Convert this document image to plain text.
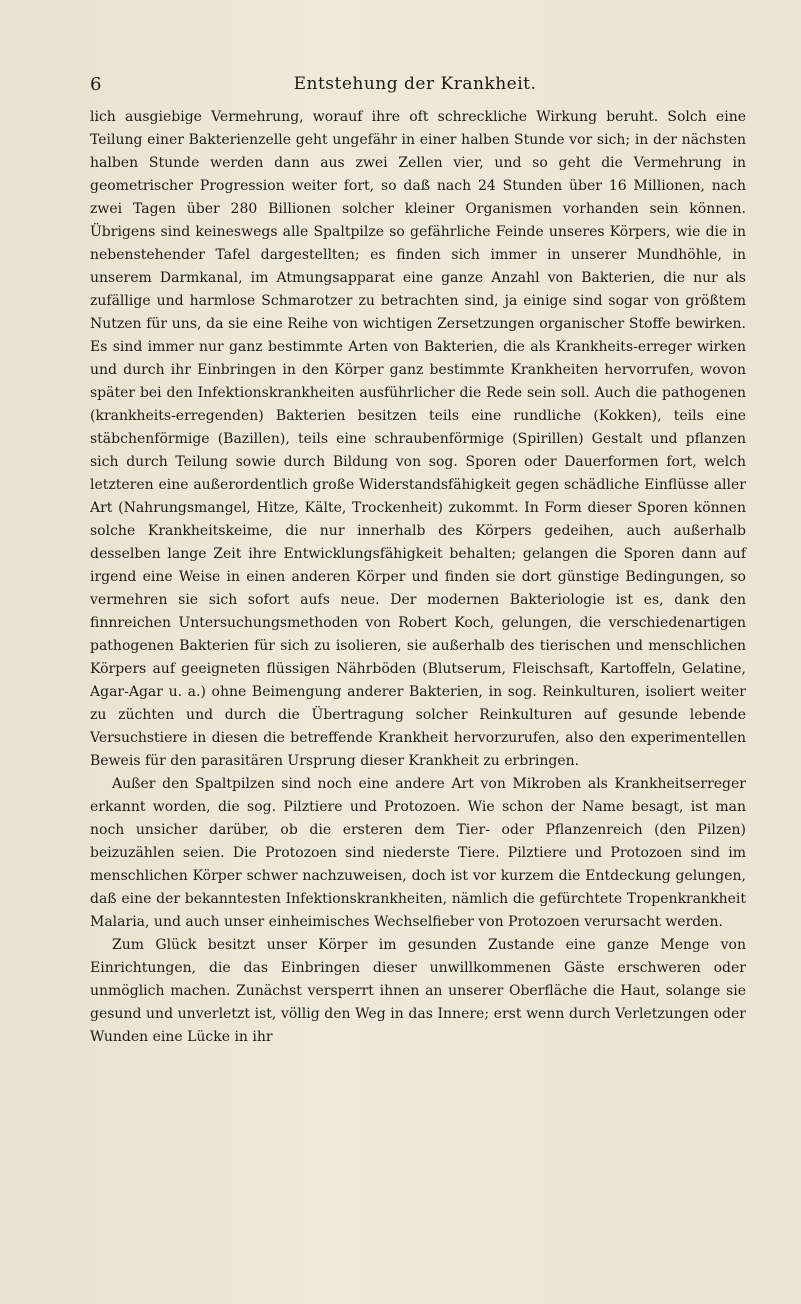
6	Entstehung der Krankheit.

lich ausgiebige Vermehrung, worauf ihre oft schreckliche Wirkung beruht. Solch eine Teilung einer Bakterienzelle geht ungefähr in einer halben Stunde vor sich; in der nächsten halben Stunde werden dann aus zwei Zellen vier, und so geht die Vermehrung in geometrischer Progression weiter fort, so daß nach 24 Stunden über 16 Millionen, nach zwei Tagen über 280 Billionen solcher kleiner Organismen vorhanden sein können. Übrigens sind keineswegs alle Spaltpilze so gefährliche Feinde unseres Körpers, wie die in nebenstehender Tafel dargestellten; es finden sich immer in unserer Mundhöhle, in unserem Darmkanal, im Atmungsapparat eine ganze Anzahl von Bakterien, die nur als zufällige und harmlose Schmarotzer zu betrachten sind, ja einige sind sogar von größtem Nutzen für uns, da sie eine Reihe von wichtigen Zersetzungen organischer Stoffe bewirken. Es sind immer nur ganz bestimmte Arten von Bakterien, die als Krankheits-erreger wirken und durch ihr Einbringen in den Körper ganz bestimmte Krankheiten hervorrufen, wovon später bei den Infektionskrankheiten ausführlicher die Rede sein soll. Auch die pathogenen (krankheits-erregenden) Bakterien besitzen teils eine rundliche (Kokken), teils eine stäbchenförmige (Bazillen), teils eine schraubenförmige (Spirillen) Gestalt und pflanzen sich durch Teilung sowie durch Bildung von sog. Sporen oder Dauerformen fort, welch letzteren eine außerordentlich große Widerstandsfähigkeit gegen schädliche Einflüsse aller Art (Nahrungsmangel, Hitze, Kälte, Trockenheit) zukommt. In Form dieser Sporen können solche Krankheitskeime, die nur innerhalb des Körpers gedeihen, auch außerhalb desselben lange Zeit ihre Entwicklungsfähigkeit behalten; gelangen die Sporen dann auf irgend eine Weise in einen anderen Körper und finden sie dort günstige Bedingungen, so vermehren sie sich sofort aufs neue. Der modernen Bakteriologie ist es, dank den finnreichen Untersuchungsmethoden von Robert Koch, gelungen, die verschiedenartigen pathogenen Bakterien für sich zu isolieren, sie außerhalb des tierischen und menschlichen Körpers auf geeigneten flüssigen Nährböden (Blutserum, Fleischsaft, Kartoffeln, Gelatine, Agar-Agar u. a.) ohne Beimengung anderer Bakterien, in sog. Reinkulturen, isoliert weiter zu züchten und durch die Übertragung solcher Reinkulturen auf gesunde lebende Versuchstiere in diesen die betreffende Krankheit hervorzurufen, also den experimentellen Beweis für den parasitären Ursprung dieser Krankheit zu erbringen.

Außer den Spaltpilzen sind noch eine andere Art von Mikroben als Krankheitserreger erkannt worden, die sog. Pilztiere und Protozoen. Wie schon der Name besagt, ist man noch unsicher darüber, ob die ersteren dem Tier- oder Pflanzenreich (den Pilzen) beizuzählen seien. Die Protozoen sind niederste Tiere. Pilztiere und Protozoen sind im menschlichen Körper schwer nachzuweisen, doch ist vor kurzem die Entdeckung gelungen, daß eine der bekanntesten Infektionskrankheiten, nämlich die gefürchtete Tropenkrankheit Malaria, und auch unser einheimisches Wechselfieber von Protozoen verursacht werden.

Zum Glück besitzt unser Körper im gesunden Zustande eine ganze Menge von Einrichtungen, die das Einbringen dieser unwillkommenen Gäste erschweren oder unmöglich machen. Zunächst versperrt ihnen an unserer Oberfläche die Haut, solange sie gesund und unverletzt ist, völlig den Weg in das Innere; erst wenn durch Verletzungen oder Wunden eine Lücke in ihr
